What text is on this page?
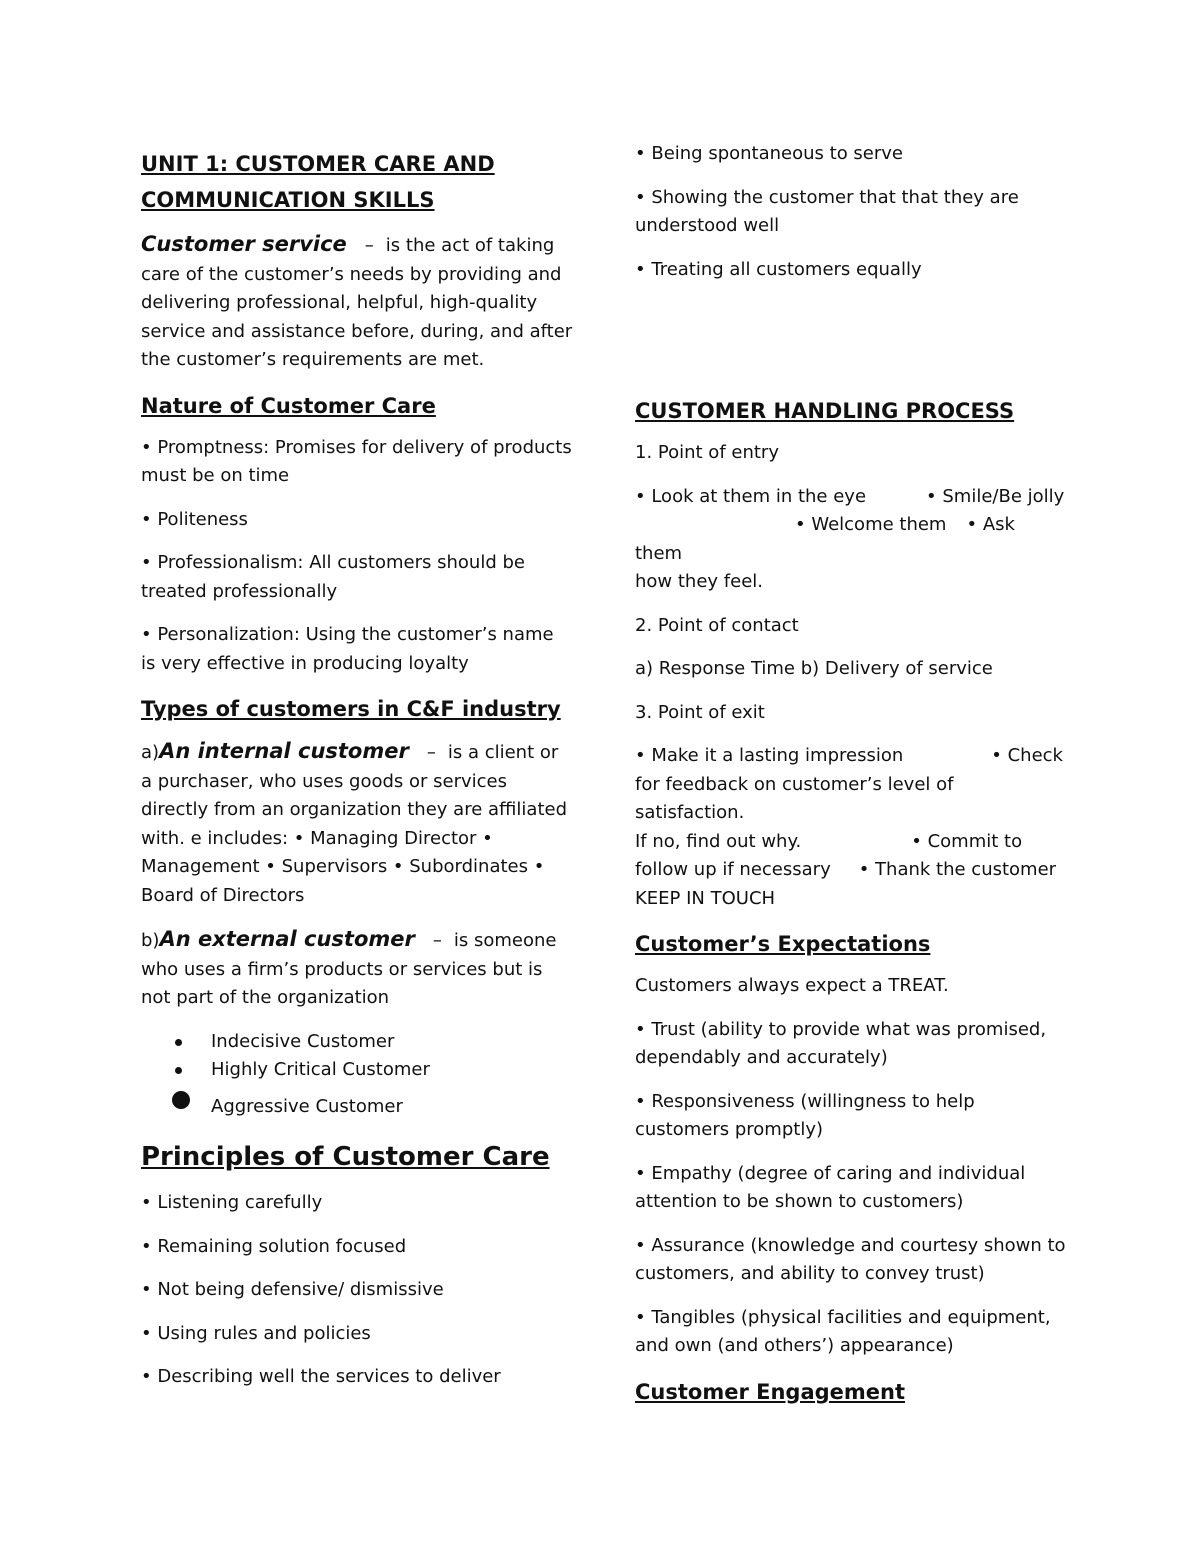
UNIT 1: CUSTOMER CARE AND
COMMUNICATION SKILLS

Customer service – is the act of taking care of the customer’s needs by providing and delivering professional, helpful, high-quality service and assistance before, during, and after the customer’s requirements are met.

Nature of Customer Care

• Promptness: Promises for delivery of products must be on time

• Politeness

• Professionalism: All customers should be treated professionally

• Personalization: Using the customer’s name is very effective in producing loyalty

Types of customers in C&F industry

a)An internal customer – is a client or a purchaser, who uses goods or services directly from an organization they are affiliated with. e includes: • Managing Director • Management • Supervisors • Subordinates • Board of Directors

b)An external customer – is someone who uses a firm’s products or services but is not part of the organization

Indecisive Customer
Highly Critical Customer
Aggressive Customer
Principles of Customer Care

• Listening carefully

• Remaining solution focused

• Not being defensive/ dismissive

• Using rules and policies

• Describing well the services to deliver

• Being spontaneous to serve

• Showing the customer that that they are understood well

• Treating all customers equally

CUSTOMER HANDLING PROCESS

1. Point of entry

• Look at them in the eye	• Smile/Be jolly
• Welcome them • Ask them
how they feel.

2. Point of contact

a) Response Time b) Delivery of service

3. Point of exit

• Make it a lasting impression	• Check
for feedback on customer’s level of satisfaction.
If no, find out why.	• Commit to
follow up if necessary • Thank the customer
KEEP IN TOUCH

Customer’s Expectations

Customers always expect a TREAT.

• Trust (ability to provide what was promised, dependably and accurately)

• Responsiveness (willingness to help customers promptly)

• Empathy (degree of caring and individual attention to be shown to customers)

• Assurance (knowledge and courtesy shown to customers, and ability to convey trust)

• Tangibles (physical facilities and equipment, and own (and others’) appearance)

Customer Engagement
